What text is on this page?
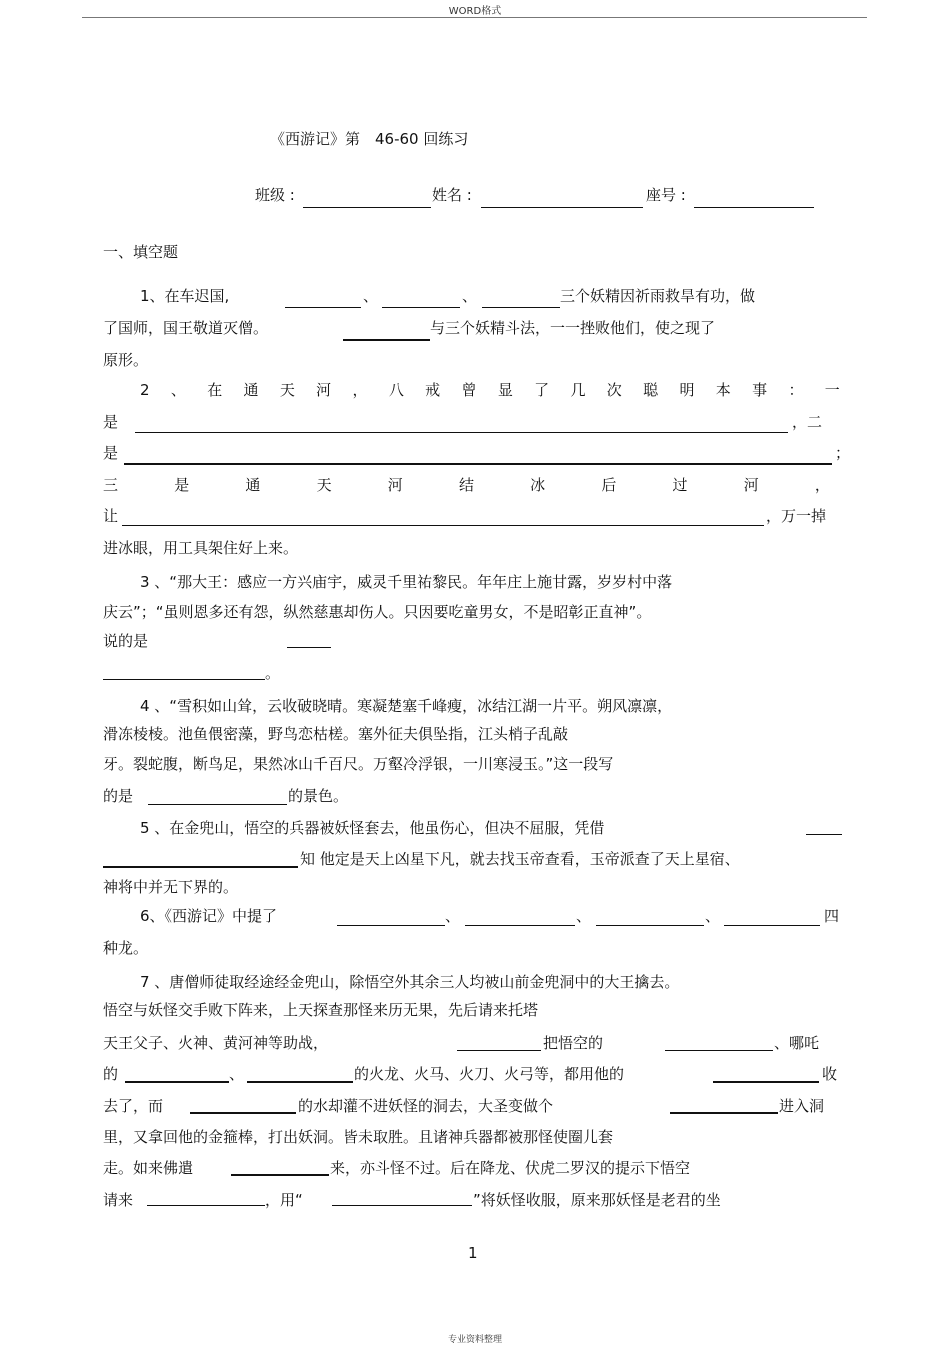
WORD格式
《西游记》第　46-60 回练习
班级 :	姓名 :	座号 :
一、填空题
1、在车迟国,	、	、	三个妖精因祈雨救旱有功，做
了国师，国王敬道灭僧。	与三个妖精斗法，一一挫败他们，使之现了
原形。
2 、 在 通 天 河 ， 八 戒 曾 显 了 几 次 聪 明 本 事 ： 一
是	，二
是	；
三	是	通	天	河	结	冰	后	过	河	，
让	，万一掉
进冰眼，用工具架住好上来。
3 、“那大王：感应一方兴庙宇，威灵千里祐黎民。年年庄上施甘露，岁岁村中落
庆云”；“虽则恩多还有怨，纵然慈惠却伤人。只因要吃童男女，不是昭彰正直神”。
说的是
。
4 、“雪积如山耸，云收破晓晴。寒凝楚塞千峰瘦，冰结江湖一片平。朔风凛凛，
滑冻棱棱。池鱼偎密藻，野鸟恋枯槎。塞外征夫俱坠指，江头梢子乱敲
牙。裂蛇腹，断鸟足，果然冰山千百尺。万壑冷浮银，一川寒浸玉。”这一段写
的是	的景色。
5 、在金兜山，悟空的兵器被妖怪套去，他虽伤心，但决不屈服，凭借
知 他定是天上凶星下凡，就去找玉帝查看，玉帝派查了天上星宿、
神将中并无下界的。
6、《西游记》中提了	、	、	、	四
种龙。
7 、唐僧师徒取经途经金兜山，除悟空外其余三人均被山前金兜洞中的大王擒去。
悟空与妖怪交手败下阵来，上天探查那怪来历无果，先后请来托塔
天王父子、火神、黄河神等助战，	把悟空的	、哪吒
的	、	的火龙、火马、火刀、火弓等，都用他的	收
去了，而	的水却灌不进妖怪的洞去，大圣变做个	进入洞
里，又拿回他的金箍棒，打出妖洞。皆未取胜。且诸神兵器都被那怪使圈儿套
走。如来佛遣	来，亦斗怪不过。后在降龙、伏虎二罗汉的提示下悟空
请来	，用“	”将妖怪收服，原来那妖怪是老君的坐
1
专业资料整理
